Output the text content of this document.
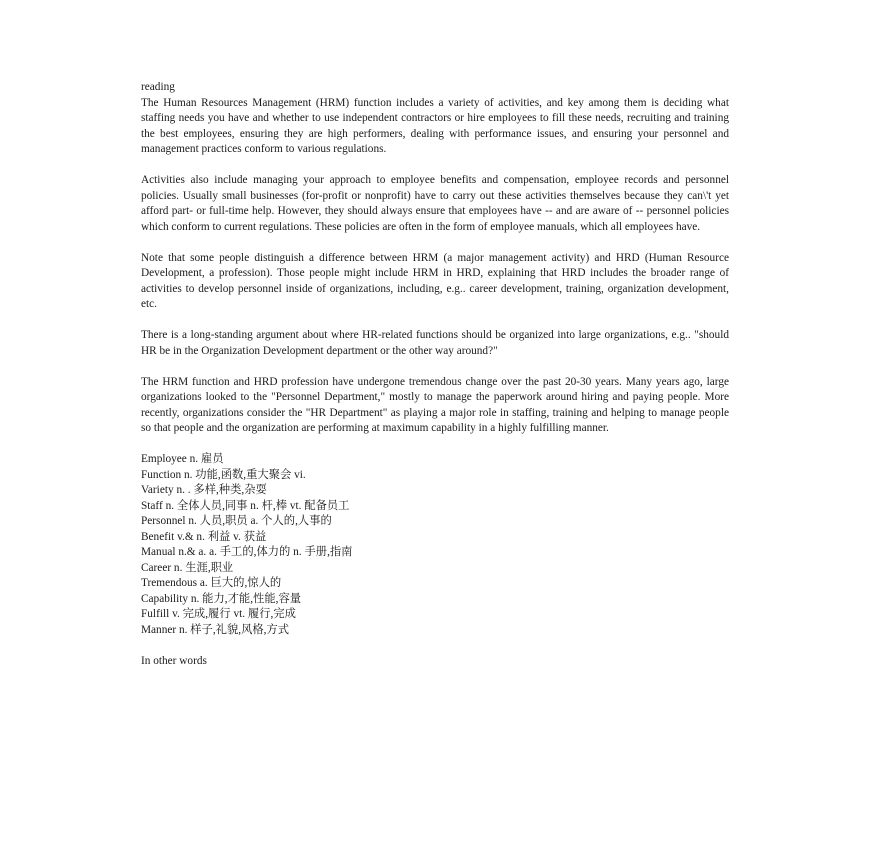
reading

The Human Resources Management (HRM) function includes a variety of activities, and key among them is deciding what staffing needs you have and whether to use independent contractors or hire employees to fill these needs, recruiting and training the best employees, ensuring they are high performers, dealing with performance issues, and ensuring your personnel and management practices conform to various regulations.

Activities also include managing your approach to employee benefits and compensation, employee records and personnel policies. Usually small businesses (for-profit or nonprofit) have to carry out these activities themselves because they can\'t yet afford part- or full-time help. However, they should always ensure that employees have -- and are aware of -- personnel policies which conform to current regulations. These policies are often in the form of employee manuals, which all employees have.

Note that some people distinguish a difference between HRM (a major management activity) and HRD (Human Resource Development, a profession). Those people might include HRM in HRD, explaining that HRD includes the broader range of activities to develop personnel inside of organizations, including, e.g.. career development, training, organization development, etc.

There is a long-standing argument about where HR-related functions should be organized into large organizations, e.g.. "should HR be in the Organization Development department or the other way around?"

The HRM function and HRD profession have undergone tremendous change over the past 20-30 years. Many years ago, large organizations looked to the "Personnel Department," mostly to manage the paperwork around hiring and paying people. More recently, organizations consider the "HR Department" as playing a major role in staffing, training and helping to manage people so that people and the organization are performing at maximum capability in a highly fulfilling manner.

Employee n. 雇员
Function n. 功能,函数,重大聚会 vi.
Variety n. . 多样,种类,杂耍
Staff n. 全体人员,同事 n. 杆,棒 vt. 配备员工
Personnel n. 人员,职员 a. 个人的,人事的
Benefit v.& n. 利益 v. 获益
Manual n.& a. a. 手工的,体力的 n. 手册,指南
Career n. 生涯,职业
Tremendous a. 巨大的,惊人的
Capability n. 能力,才能,性能,容量
Fulfill v. 完成,履行 vt. 履行,完成
Manner n. 样子,礼貌,风格,方式

In other words
